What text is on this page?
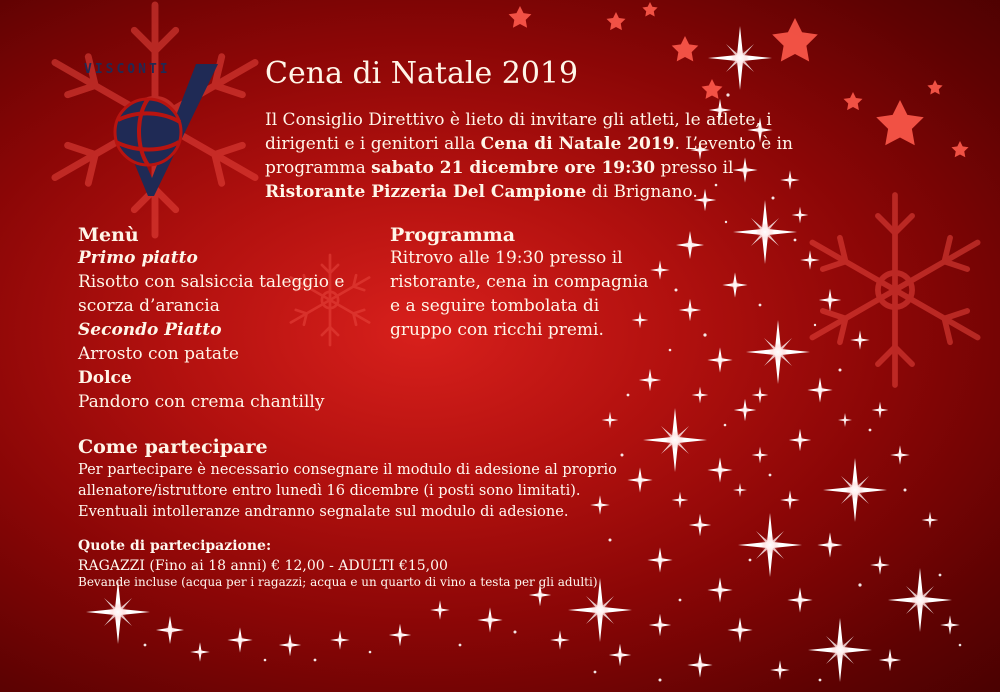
VISCONTI	Cena di Natale 2019
Il Consiglio Direttivo è lieto di invitare gli atleti, le atlete, i dirigenti e i genitori alla Cena di Natale 2019. L’evento è in programma sabato 21 dicembre ore 19:30 presso il Ristorante Pizzeria Del Campione di Brignano.
Menù
Primo piatto
Risotto con salsiccia taleggio e scorza d’arancia
Secondo Piatto
Arrosto con patate
Dolce
Pandoro con crema chantilly
Programma
Ritrovo alle 19:30 presso il ristorante, cena in compagnia e a seguire tombolata di gruppo con ricchi premi.
Come partecipare
Per partecipare è necessario consegnare il modulo di adesione al proprio allenatore/istruttore entro lunedì 16 dicembre (i posti sono limitati).
Eventuali intolleranze andranno segnalate sul modulo di adesione.
Quote di partecipazione:
RAGAZZI (Fino ai 18 anni) € 12,00 - ADULTI €15,00
Bevande incluse (acqua per i ragazzi; acqua e un quarto di vino a testa per gli adulti)
